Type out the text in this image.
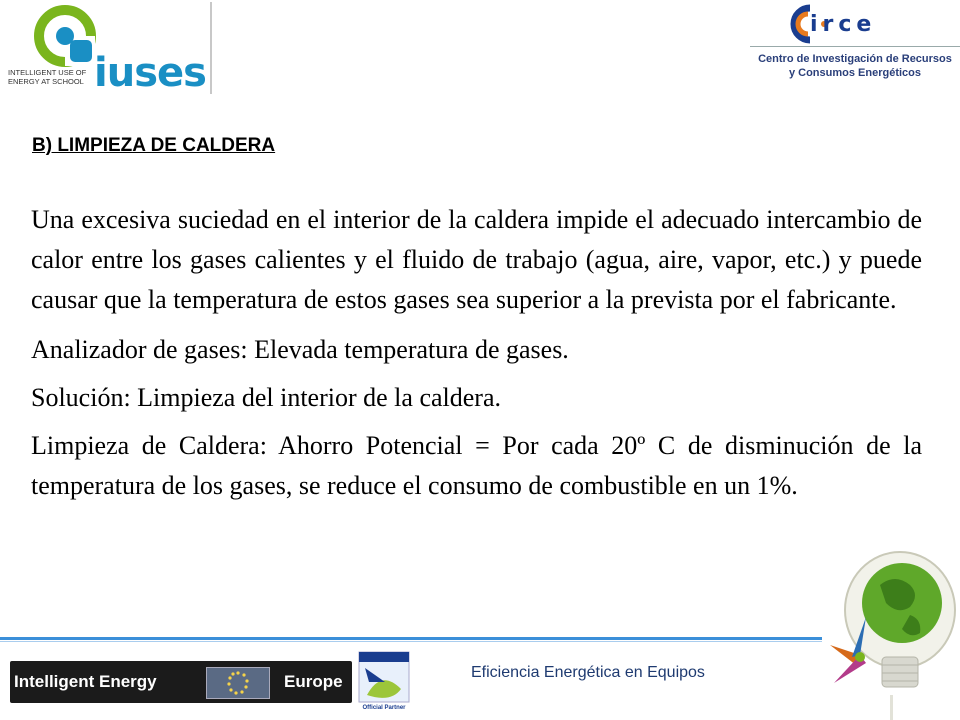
INTELLIGENT USE OF ENERGY AT SCHOOL iuses
irce
Centro de Investigación de Recursos
y Consumos Energéticos
B) LIMPIEZA DE CALDERA

Una excesiva suciedad en el interior de la caldera impide el adecuado intercambio de calor entre los gases calientes y el fluido de trabajo (agua, aire, vapor, etc.) y puede causar que la temperatura de estos gases sea superior a la prevista por el fabricante.

Analizador de gases: Elevada temperatura de gases.

Solución: Limpieza del interior de la caldera.

Limpieza de Caldera: Ahorro Potencial = Por cada 20º C de disminución de la temperatura de los gases, se reduce el consumo de combustible en un 1%.

Intelligent Energy	Europe
Official Partner
Eficiencia Energética en Equipos
